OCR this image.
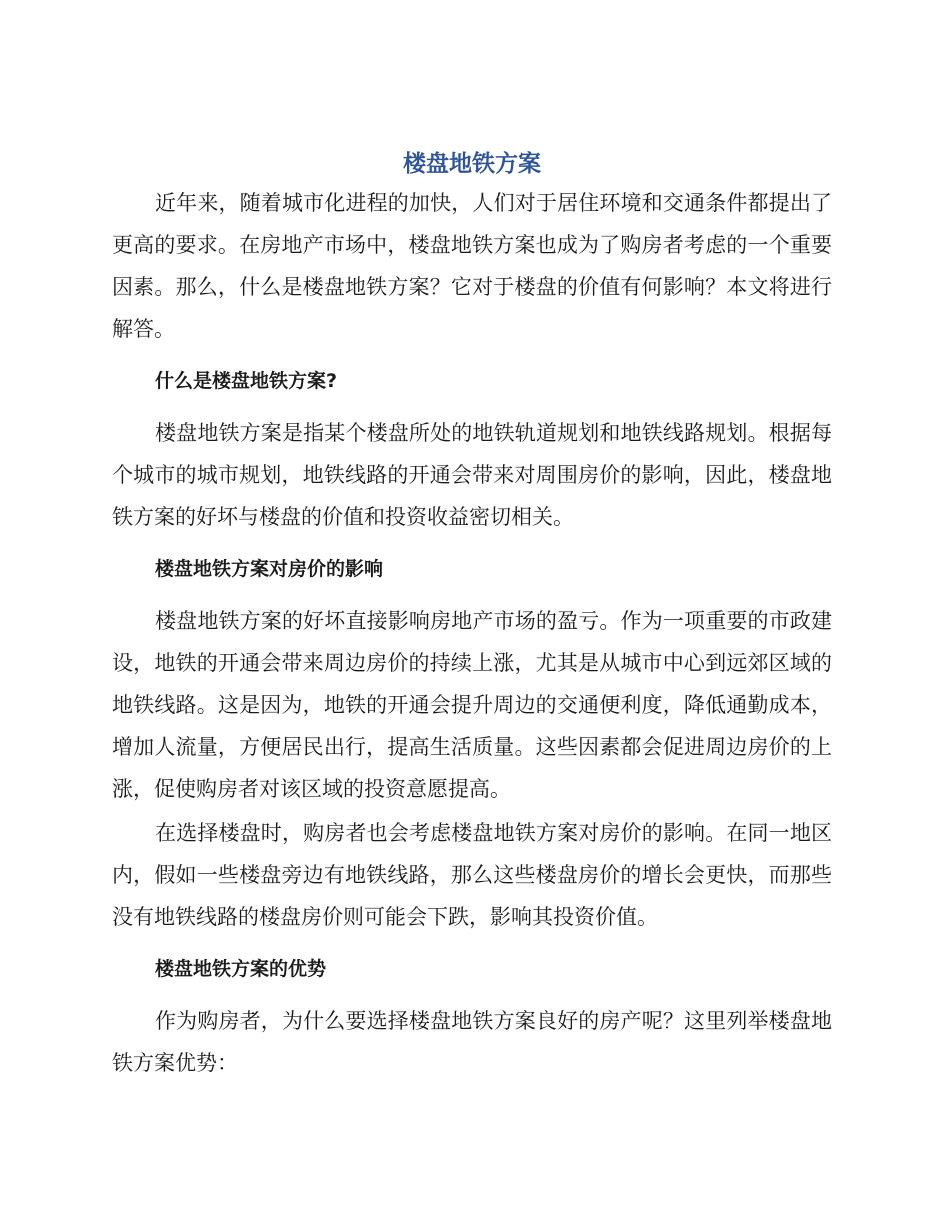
楼盘地铁方案

近年来，随着城市化进程的加快，人们对于居住环境和交通条件都提出了更高的要求。在房地产市场中，楼盘地铁方案也成为了购房者考虑的一个重要因素。那么，什么是楼盘地铁方案？它对于楼盘的价值有何影响？本文将进行解答。

什么是楼盘地铁方案?

楼盘地铁方案是指某个楼盘所处的地铁轨道规划和地铁线路规划。根据每个城市的城市规划，地铁线路的开通会带来对周围房价的影响，因此，楼盘地铁方案的好坏与楼盘的价值和投资收益密切相关。

楼盘地铁方案对房价的影响

楼盘地铁方案的好坏直接影响房地产市场的盈亏。作为一项重要的市政建设，地铁的开通会带来周边房价的持续上涨，尤其是从城市中心到远郊区域的地铁线路。这是因为，地铁的开通会提升周边的交通便利度，降低通勤成本，增加人流量，方便居民出行，提高生活质量。这些因素都会促进周边房价的上涨，促使购房者对该区域的投资意愿提高。

在选择楼盘时，购房者也会考虑楼盘地铁方案对房价的影响。在同一地区内，假如一些楼盘旁边有地铁线路，那么这些楼盘房价的增长会更快，而那些没有地铁线路的楼盘房价则可能会下跌，影响其投资价值。

楼盘地铁方案的优势

作为购房者，为什么要选择楼盘地铁方案良好的房产呢？这里列举楼盘地铁方案优势：
